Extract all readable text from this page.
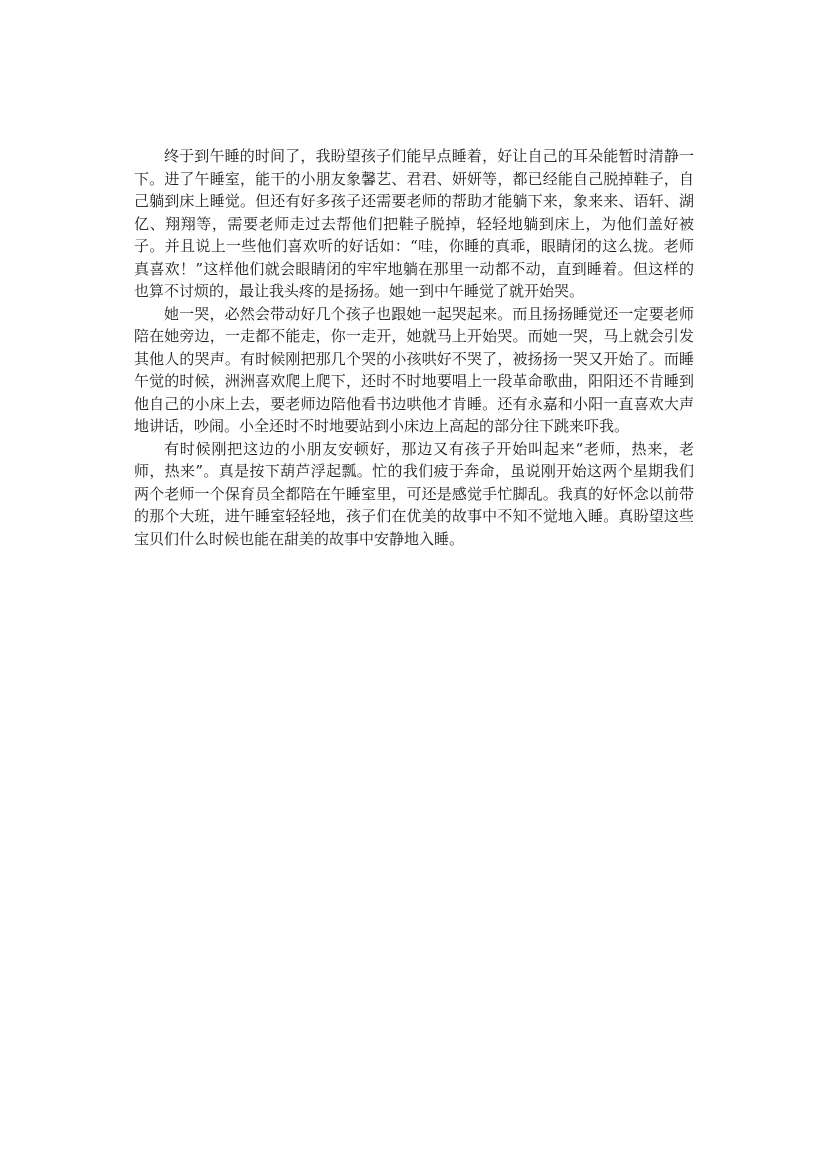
终于到午睡的时间了，我盼望孩子们能早点睡着，好让自己的耳朵能暂时清静一下。进了午睡室，能干的小朋友象馨艺、君君、妍妍等，都已经能自己脱掉鞋子，自己躺到床上睡觉。但还有好多孩子还需要老师的帮助才能躺下来，象来来、语轩、湖亿、翔翔等，需要老师走过去帮他们把鞋子脱掉，轻轻地躺到床上，为他们盖好被子。并且说上一些他们喜欢听的好话如：“哇，你睡的真乖，眼睛闭的这么拢。老师真喜欢！”这样他们就会眼睛闭的牢牢地躺在那里一动都不动，直到睡着。但这样的也算不讨烦的，最让我头疼的是扬扬。她一到中午睡觉了就开始哭。

她一哭，必然会带动好几个孩子也跟她一起哭起来。而且扬扬睡觉还一定要老师陪在她旁边，一走都不能走，你一走开，她就马上开始哭。而她一哭，马上就会引发其他人的哭声。有时候刚把那几个哭的小孩哄好不哭了，被扬扬一哭又开始了。而睡午觉的时候，洲洲喜欢爬上爬下，还时不时地要唱上一段革命歌曲，阳阳还不肯睡到他自己的小床上去，要老师边陪他看书边哄他才肯睡。还有永嘉和小阳一直喜欢大声地讲话，吵闹。小全还时不时地要站到小床边上高起的部分往下跳来吓我。

有时候刚把这边的小朋友安顿好，那边又有孩子开始叫起来“老师，热来，老师，热来”。真是按下葫芦浮起瓢。忙的我们疲于奔命，虽说刚开始这两个星期我们两个老师一个保育员全都陪在午睡室里，可还是感觉手忙脚乱。我真的好怀念以前带的那个大班，进午睡室轻轻地，孩子们在优美的故事中不知不觉地入睡。真盼望这些宝贝们什么时候也能在甜美的故事中安静地入睡。
